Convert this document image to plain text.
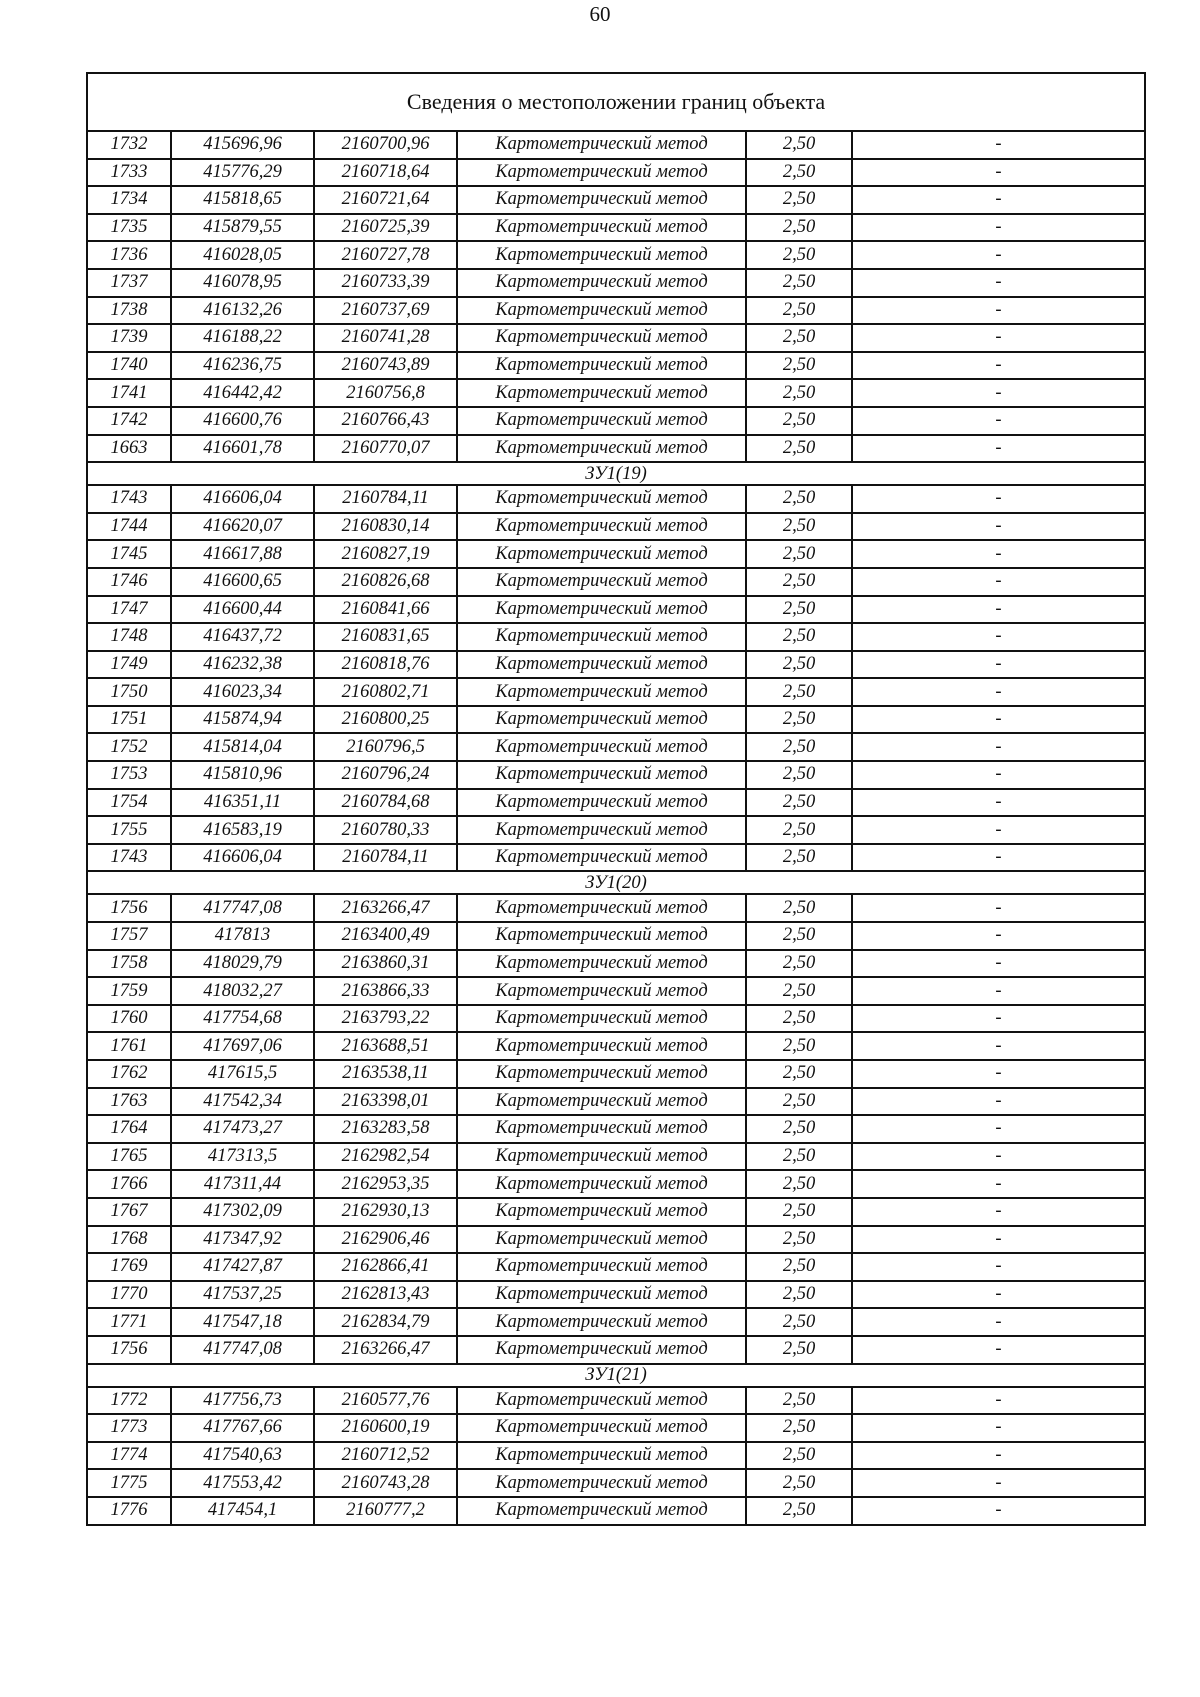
60
Сведения о местоположении границ объекта					
1732	415696,96	2160700,96	Картометрический метод	2,50	-
1733	415776,29	2160718,64	Картометрический метод	2,50	-
1734	415818,65	2160721,64	Картометрический метод	2,50	-
1735	415879,55	2160725,39	Картометрический метод	2,50	-
1736	416028,05	2160727,78	Картометрический метод	2,50	-
1737	416078,95	2160733,39	Картометрический метод	2,50	-
1738	416132,26	2160737,69	Картометрический метод	2,50	-
1739	416188,22	2160741,28	Картометрический метод	2,50	-
1740	416236,75	2160743,89	Картометрический метод	2,50	-
1741	416442,42	2160756,8	Картометрический метод	2,50	-
1742	416600,76	2160766,43	Картометрический метод	2,50	-
1663	416601,78	2160770,07	Картометрический метод	2,50	-
ЗУ1(19)					
1743	416606,04	2160784,11	Картометрический метод	2,50	-
1744	416620,07	2160830,14	Картометрический метод	2,50	-
1745	416617,88	2160827,19	Картометрический метод	2,50	-
1746	416600,65	2160826,68	Картометрический метод	2,50	-
1747	416600,44	2160841,66	Картометрический метод	2,50	-
1748	416437,72	2160831,65	Картометрический метод	2,50	-
1749	416232,38	2160818,76	Картометрический метод	2,50	-
1750	416023,34	2160802,71	Картометрический метод	2,50	-
1751	415874,94	2160800,25	Картометрический метод	2,50	-
1752	415814,04	2160796,5	Картометрический метод	2,50	-
1753	415810,96	2160796,24	Картометрический метод	2,50	-
1754	416351,11	2160784,68	Картометрический метод	2,50	-
1755	416583,19	2160780,33	Картометрический метод	2,50	-
1743	416606,04	2160784,11	Картометрический метод	2,50	-
ЗУ1(20)					
1756	417747,08	2163266,47	Картометрический метод	2,50	-
1757	417813	2163400,49	Картометрический метод	2,50	-
1758	418029,79	2163860,31	Картометрический метод	2,50	-
1759	418032,27	2163866,33	Картометрический метод	2,50	-
1760	417754,68	2163793,22	Картометрический метод	2,50	-
1761	417697,06	2163688,51	Картометрический метод	2,50	-
1762	417615,5	2163538,11	Картометрический метод	2,50	-
1763	417542,34	2163398,01	Картометрический метод	2,50	-
1764	417473,27	2163283,58	Картометрический метод	2,50	-
1765	417313,5	2162982,54	Картометрический метод	2,50	-
1766	417311,44	2162953,35	Картометрический метод	2,50	-
1767	417302,09	2162930,13	Картометрический метод	2,50	-
1768	417347,92	2162906,46	Картометрический метод	2,50	-
1769	417427,87	2162866,41	Картометрический метод	2,50	-
1770	417537,25	2162813,43	Картометрический метод	2,50	-
1771	417547,18	2162834,79	Картометрический метод	2,50	-
1756	417747,08	2163266,47	Картометрический метод	2,50	-
ЗУ1(21)					
1772	417756,73	2160577,76	Картометрический метод	2,50	-
1773	417767,66	2160600,19	Картометрический метод	2,50	-
1774	417540,63	2160712,52	Картометрический метод	2,50	-
1775	417553,42	2160743,28	Картометрический метод	2,50	-
1776	417454,1	2160777,2	Картометрический метод	2,50	-
